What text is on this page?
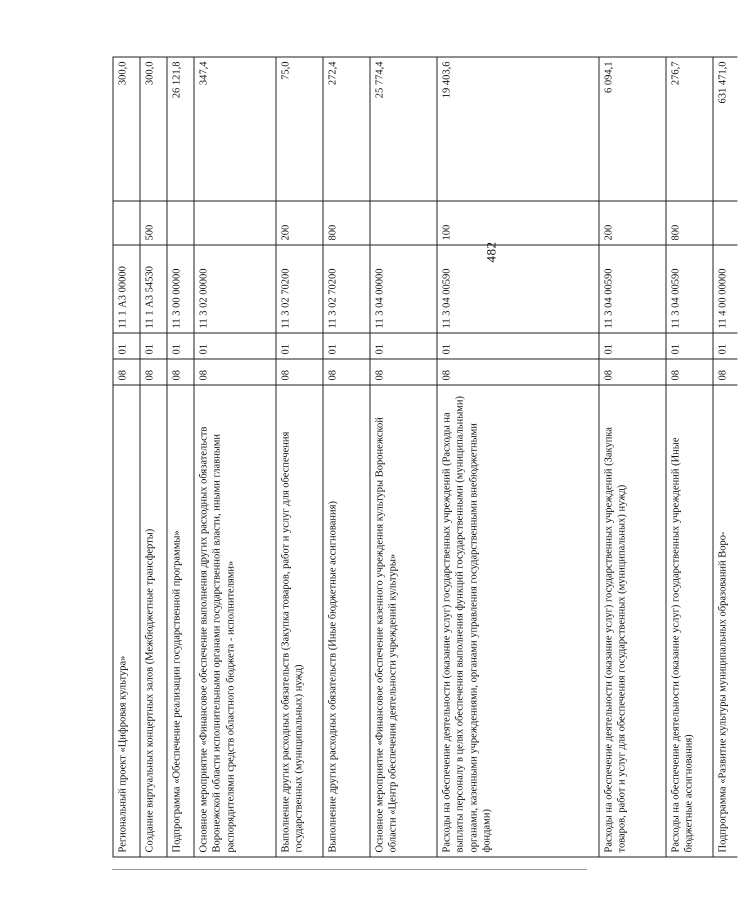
482
Региональный проект «Цифровая культура»	08	01	11 1 А3 00000		300,0
Создание виртуальных концертных залов (Межбюджетные трансферты)	08	01	11 1 А3 54530	500	300,0
Подпрограмма «Обеспечение реализации государственной программы»	08	01	11 3 00 00000		26 121,8
Основное мероприятие «Финансовое обеспечение выполнения других расходных обязательств Воронежской области исполнительными органами государственной власти, иными главными распорядителями средств областного бюджета - исполнителями»	08	01	11 3 02 00000		347,4
Выполнение других расходных обязательств (Закупка товаров, работ и услуг для обеспечения государственных (муниципальных) нужд)	08	01	11 3 02 70200	200	75,0
Выполнение других расходных обязательств (Иные бюджетные ассигнования)	08	01	11 3 02 70200	800	272,4
Основное мероприятие «Финансовое обеспечение казенного учреждения культуры Воронежской области «Центр обеспечения деятельности учреждений культуры»	08	01	11 3 04 00000		25 774,4
Расходы на обеспечение деятельности (оказание услуг) государственных учреждений (Расходы на выплаты персоналу в целях обеспечения выполнения функций государственными (муниципальными) органами, казенными учреждениями, органами управления государственными внебюджетными фондами)	08	01	11 3 04 00590	100	19 403,6
Расходы на обеспечение деятельности (оказание услуг) государственных учреждений (Закупка товаров, работ и услуг для обеспечения государственных (муниципальных) нужд)	08	01	11 3 04 00590	200	6 094,1
Расходы на обеспечение деятельности (оказание услуг) государственных учреждений (Иные бюджетные ассигнования)	08	01	11 3 04 00590	800	276,7
Подпрограмма «Развитие культуры муниципальных образований Воро-	08	01	11 4 00 00000		631 471,0
